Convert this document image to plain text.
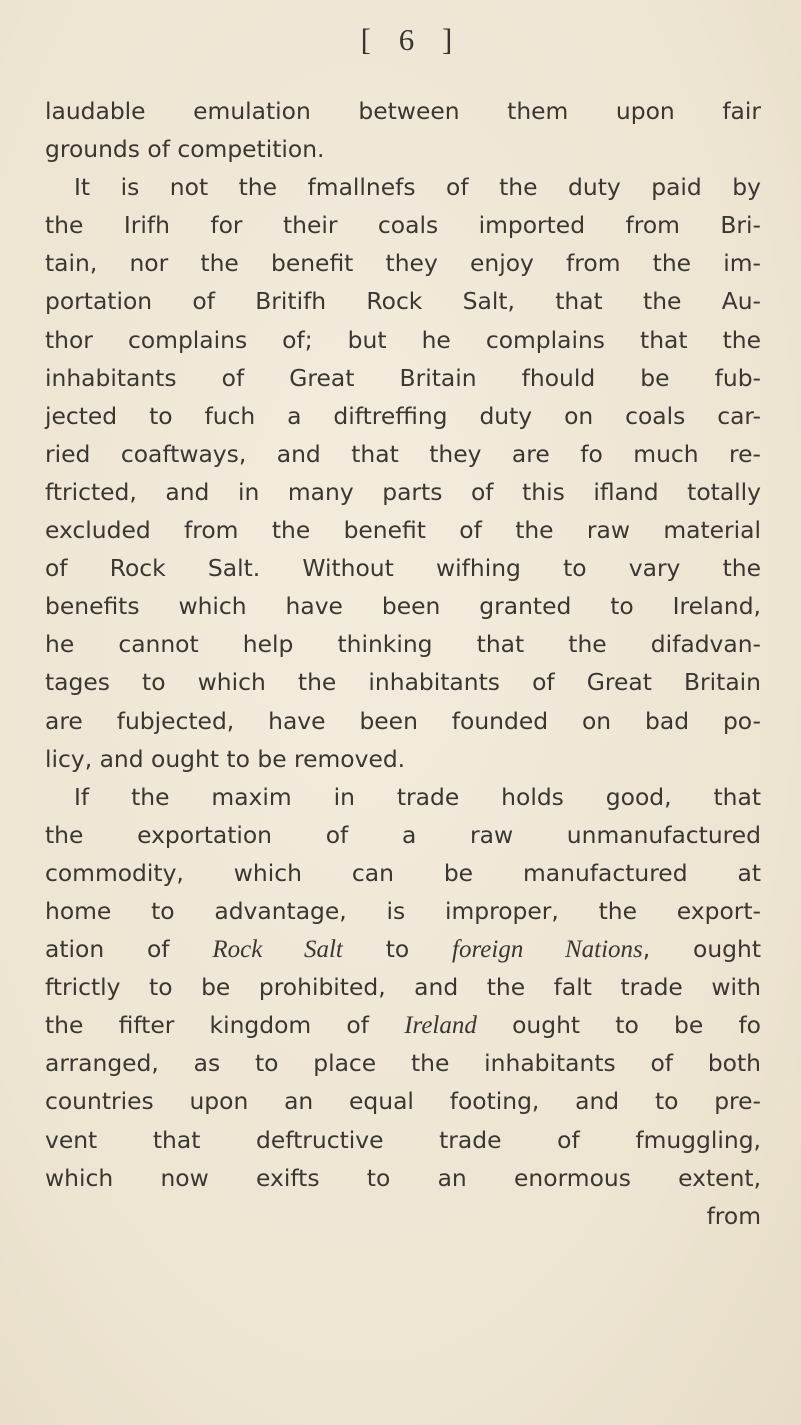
[ 6 ]
laudable emulation between them upon fair
grounds of competition.
It is not the fmallnefs of the duty paid by
the Irifh for their coals imported from Bri-
tain, nor the benefit they enjoy from the im-
portation of Britifh Rock Salt, that the Au-
thor complains of; but he complains that the
inhabitants of Great Britain fhould be fub-
jected to fuch a diftreffing duty on coals car-
ried coaftways, and that they are fo much re-
ftricted, and in many parts of this ifland totally
excluded from the benefit of the raw material
of Rock Salt. Without wifhing to vary the
benefits which have been granted to Ireland,
he cannot help thinking that the difadvan-
tages to which the inhabitants of Great Britain
are fubjected, have been founded on bad po-
licy, and ought to be removed.
If the maxim in trade holds good, that
the exportation of a raw unmanufactured
commodity, which can be manufactured at
home to advantage, is improper, the export-
ation of Rock Salt to foreign Nations, ought
ftrictly to be prohibited, and the falt trade with
the fifter kingdom of Ireland ought to be fo
arranged, as to place the inhabitants of both
countries upon an equal footing, and to pre-
vent that deftructive trade of fmuggling,
which now exifts to an enormous extent,
from
